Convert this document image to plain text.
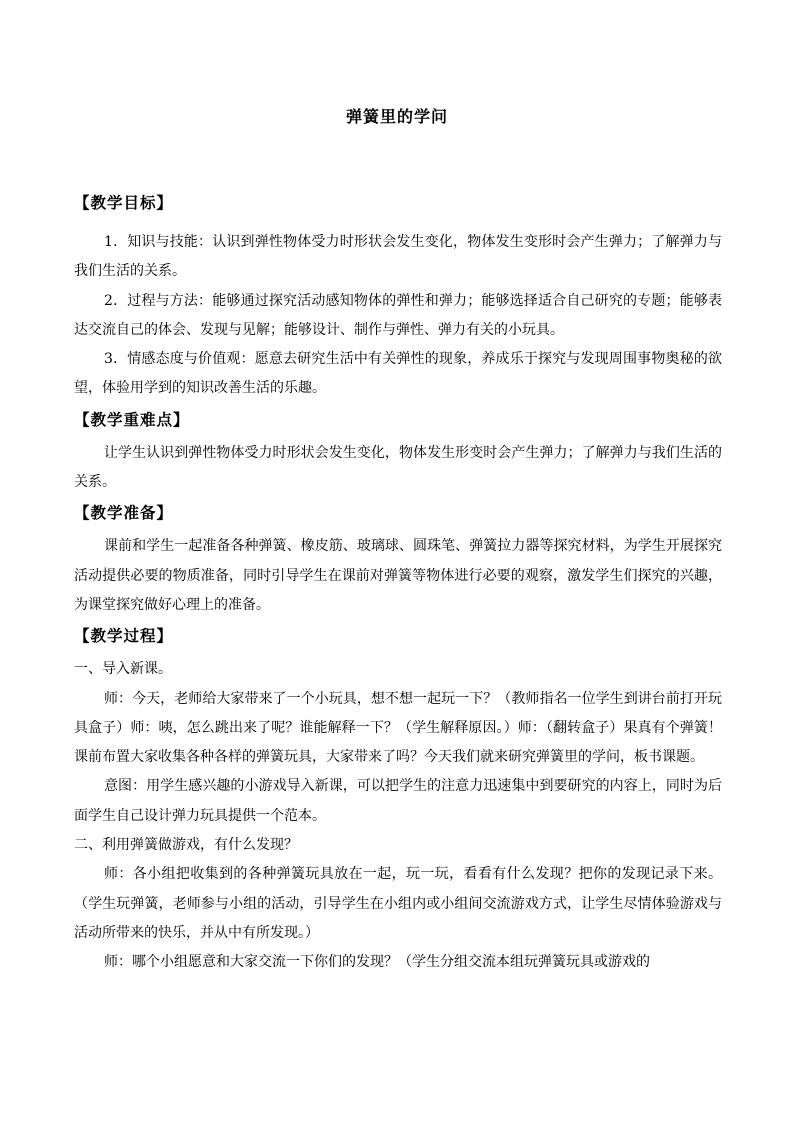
弹簧里的学问

【教学目标】

1．知识与技能：认识到弹性物体受力时形状会发生变化，物体发生变形时会产生弹力；了解弹力与我们生活的关系。

2．过程与方法：能够通过探究活动感知物体的弹性和弹力；能够选择适合自己研究的专题；能够表达交流自己的体会、发现与见解；能够设计、制作与弹性、弹力有关的小玩具。

3．情感态度与价值观：愿意去研究生活中有关弹性的现象，养成乐于探究与发现周围事物奥秘的欲望，体验用学到的知识改善生活的乐趣。

【教学重难点】

让学生认识到弹性物体受力时形状会发生变化，物体发生形变时会产生弹力；了解弹力与我们生活的关系。

【教学准备】

课前和学生一起准备各种弹簧、橡皮筋、玻璃球、圆珠笔、弹簧拉力器等探究材料，为学生开展探究活动提供必要的物质准备，同时引导学生在课前对弹簧等物体进行必要的观察，激发学生们探究的兴趣，为课堂探究做好心理上的准备。

【教学过程】

一、导入新课。

师：今天，老师给大家带来了一个小玩具，想不想一起玩一下？（教师指名一位学生到讲台前打开玩具盒子）师：咦，怎么跳出来了呢？谁能解释一下？（学生解释原因。）师：（翻转盒子）果真有个弹簧！课前布置大家收集各种各样的弹簧玩具，大家带来了吗？今天我们就来研究弹簧里的学问，板书课题。

意图：用学生感兴趣的小游戏导入新课，可以把学生的注意力迅速集中到要研究的内容上，同时为后面学生自己设计弹力玩具提供一个范本。

二、利用弹簧做游戏，有什么发现？

师：各小组把收集到的各种弹簧玩具放在一起，玩一玩，看看有什么发现？把你的发现记录下来。（学生玩弹簧，老师参与小组的活动，引导学生在小组内或小组间交流游戏方式，让学生尽情体验游戏与活动所带来的快乐，并从中有所发现。）

师：哪个小组愿意和大家交流一下你们的发现？（学生分组交流本组玩弹簧玩具或游戏的
